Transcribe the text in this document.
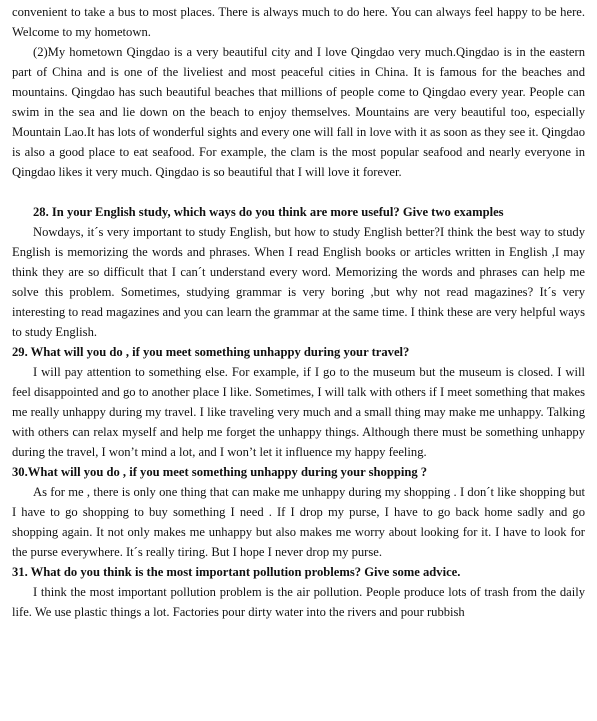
convenient to take a bus to most places. There is always much to do here. You can always feel happy to be here. Welcome to my hometown.

(2)My hometown Qingdao is a very beautiful city and I love Qingdao very much.Qingdao is in the eastern part of China and is one of the liveliest and most peaceful cities in China. It is famous for the beaches and mountains. Qingdao has such beautiful beaches that millions of people come to Qingdao every year. People can swim in the sea and lie down on the beach to enjoy themselves. Mountains are very beautiful too, especially Mountain Lao.It has lots of wonderful sights and every one will fall in love with it as soon as they see it. Qingdao is also a good place to eat seafood. For example, the clam is the most popular seafood and nearly everyone in Qingdao likes it very much. Qingdao is so beautiful that I will love it forever.

28. In your English study, which ways do you think are more useful? Give two examples

Nowdays, it´s very important to study English, but how to study English better?I think the best way to study English is memorizing the words and phrases. When I read English books or articles written in English ,I may think they are so difficult that I can´t understand every word. Memorizing the words and phrases can help me solve this problem. Sometimes, studying grammar is very boring ,but why not read magazines? It´s very interesting to read magazines and you can learn the grammar at the same time. I think these are very helpful ways to study English.

29. What will you do , if you meet something unhappy during your travel?

I will pay attention to something else. For example, if I go to the museum but the museum is closed. I will feel disappointed and go to another place I like. Sometimes, I will talk with others if I meet something that makes me really unhappy during my travel. I like traveling very much and a small thing may make me unhappy. Talking with others can relax myself and help me forget the unhappy things. Although there must be something unhappy during the travel, I won’t mind a lot, and I won’t let it influence my happy feeling.

30.What will you do , if you meet something unhappy during your shopping ?

As for me , there is only one thing that can make me unhappy during my shopping . I don´t like shopping but I have to go shopping to buy something I need . If I drop my purse, I have to go back home sadly and go shopping again. It not only makes me unhappy but also makes me worry about looking for it. I have to look for the purse everywhere. It´s really tiring. But I hope I never drop my purse.

31. What do you think is the most important pollution problems? Give some advice.

I think the most important pollution problem is the air pollution. People produce lots of trash from the daily life. We use plastic things a lot. Factories pour dirty water into the rivers and pour rubbish
